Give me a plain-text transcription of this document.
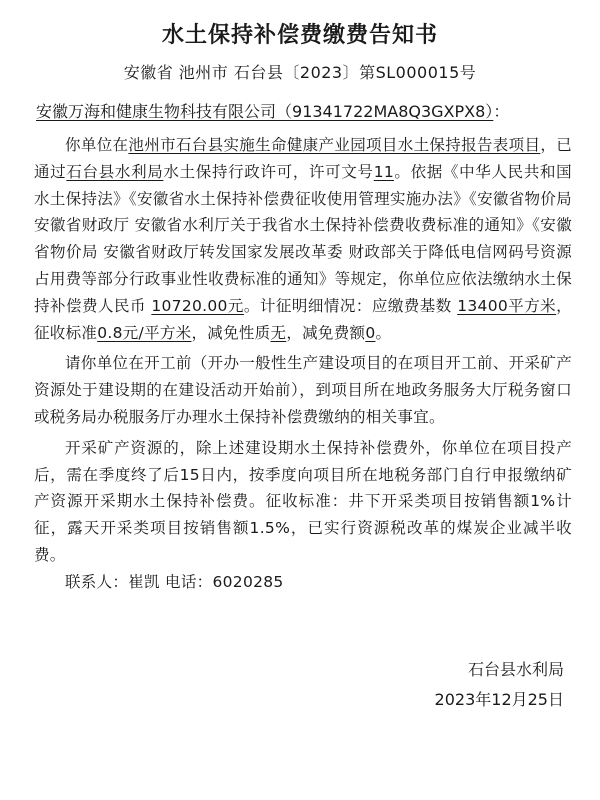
水土保持补偿费缴费告知书
安徽省 池州市 石台县〔2023〕第SL000015号
安徽万海和健康生物科技有限公司（91341722MA8Q3GXPX8）：

你单位在池州市石台县实施生命健康产业园项目水土保持报告表项目，已通过石台县水利局水土保持行政许可，许可文号11。依据《中华人民共和国水土保持法》《安徽省水土保持补偿费征收使用管理实施办法》《安徽省物价局 安徽省财政厅 安徽省水利厅关于我省水土保持补偿费收费标准的通知》《安徽省物价局 安徽省财政厅转发国家发展改革委 财政部关于降低电信网码号资源占用费等部分行政事业性收费标准的通知》等规定，你单位应依法缴纳水土保持补偿费人民币 10720.00元。计征明细情况：应缴费基数 13400平方米，征收标准0.8元/平方米，减免性质无，减免费额0。

请你单位在开工前（开办一般性生产建设项目的在项目开工前、开采矿产资源处于建设期的在建设活动开始前），到项目所在地政务服务大厅税务窗口或税务局办税服务厅办理水土保持补偿费缴纳的相关事宜。

开采矿产资源的，除上述建设期水土保持补偿费外，你单位在项目投产后，需在季度终了后15日内，按季度向项目所在地税务部门自行申报缴纳矿产资源开采期水土保持补偿费。征收标准：井下开采类项目按销售额1%计征，露天开采类项目按销售额1.5%，已实行资源税改革的煤炭企业减半收费。

联系人：崔凯 电话：6020285

石台县水利局
2023年12月25日
